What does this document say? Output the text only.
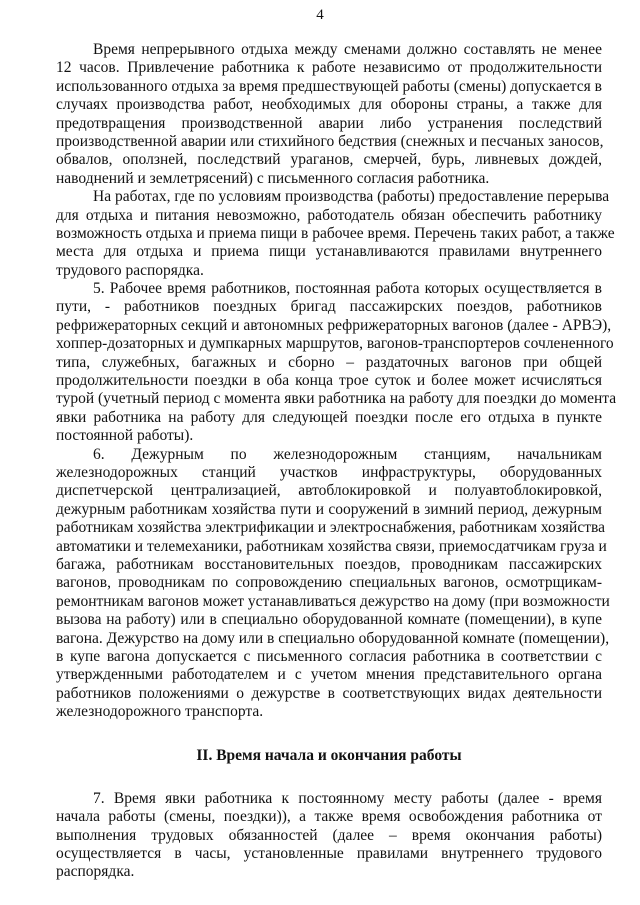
4
Время непрерывного отдыха между сменами должно составлять не менее
12 часов. Привлечение работника к работе независимо от продолжительности
использованного отдыха за время предшествующей работы (смены) допускается в
случаях производства работ, необходимых для обороны страны, а также для
предотвращения производственной аварии либо устранения последствий
производственной аварии или стихийного бедствия (снежных и песчаных заносов,
обвалов, оползней, последствий ураганов, смерчей, бурь, ливневых дождей,
наводнений и землетрясений) с письменного согласия работника.
На работах, где по условиям производства (работы) предоставление перерыва
для отдыха и питания невозможно, работодатель обязан обеспечить работнику
возможность отдыха и приема пищи в рабочее время. Перечень таких работ, а также
места для отдыха и приема пищи устанавливаются правилами внутреннего
трудового распорядка.
5. Рабочее время работников, постоянная работа которых осуществляется в
пути, - работников поездных бригад пассажирских поездов, работников
рефрижераторных секций и автономных рефрижераторных вагонов (далее - АРВЭ),
хоппер-дозаторных и думпкарных маршрутов, вагонов-транспортеров сочлененного
типа, служебных, багажных и сборно – раздаточных вагонов при общей
продолжительности поездки в оба конца трое суток и более может исчисляться
турой (учетный период с момента явки работника на работу для поездки до момента
явки работника на работу для следующей поездки после его отдыха в пункте
постоянной работы).
6. Дежурным по железнодорожным станциям, начальникам
железнодорожных станций участков инфраструктуры, оборудованных
диспетчерской централизацией, автоблокировкой и полуавтоблокировкой,
дежурным работникам хозяйства пути и сооружений в зимний период, дежурным
работникам хозяйства электрификации и электроснабжения, работникам хозяйства
автоматики и телемеханики, работникам хозяйства связи, приемосдатчикам груза и
багажа, работникам восстановительных поездов, проводникам пассажирских
вагонов, проводникам по сопровождению специальных вагонов, осмотрщикам-
ремонтникам вагонов может устанавливаться дежурство на дому (при возможности
вызова на работу) или в специально оборудованной комнате (помещении), в купе
вагона. Дежурство на дому или в специально оборудованной комнате (помещении),
в купе вагона допускается с письменного согласия работника в соответствии с
утвержденными работодателем и с учетом мнения представительного органа
работников положениями о дежурстве в соответствующих видах деятельности
железнодорожного транспорта.
II. Время начала и окончания работы
7. Время явки работника к постоянному месту работы (далее - время
начала работы (смены, поездки)), а также время освобождения работника от
выполнения трудовых обязанностей (далее – время окончания работы)
осуществляется в часы, установленные правилами внутреннего трудового
распорядка.
